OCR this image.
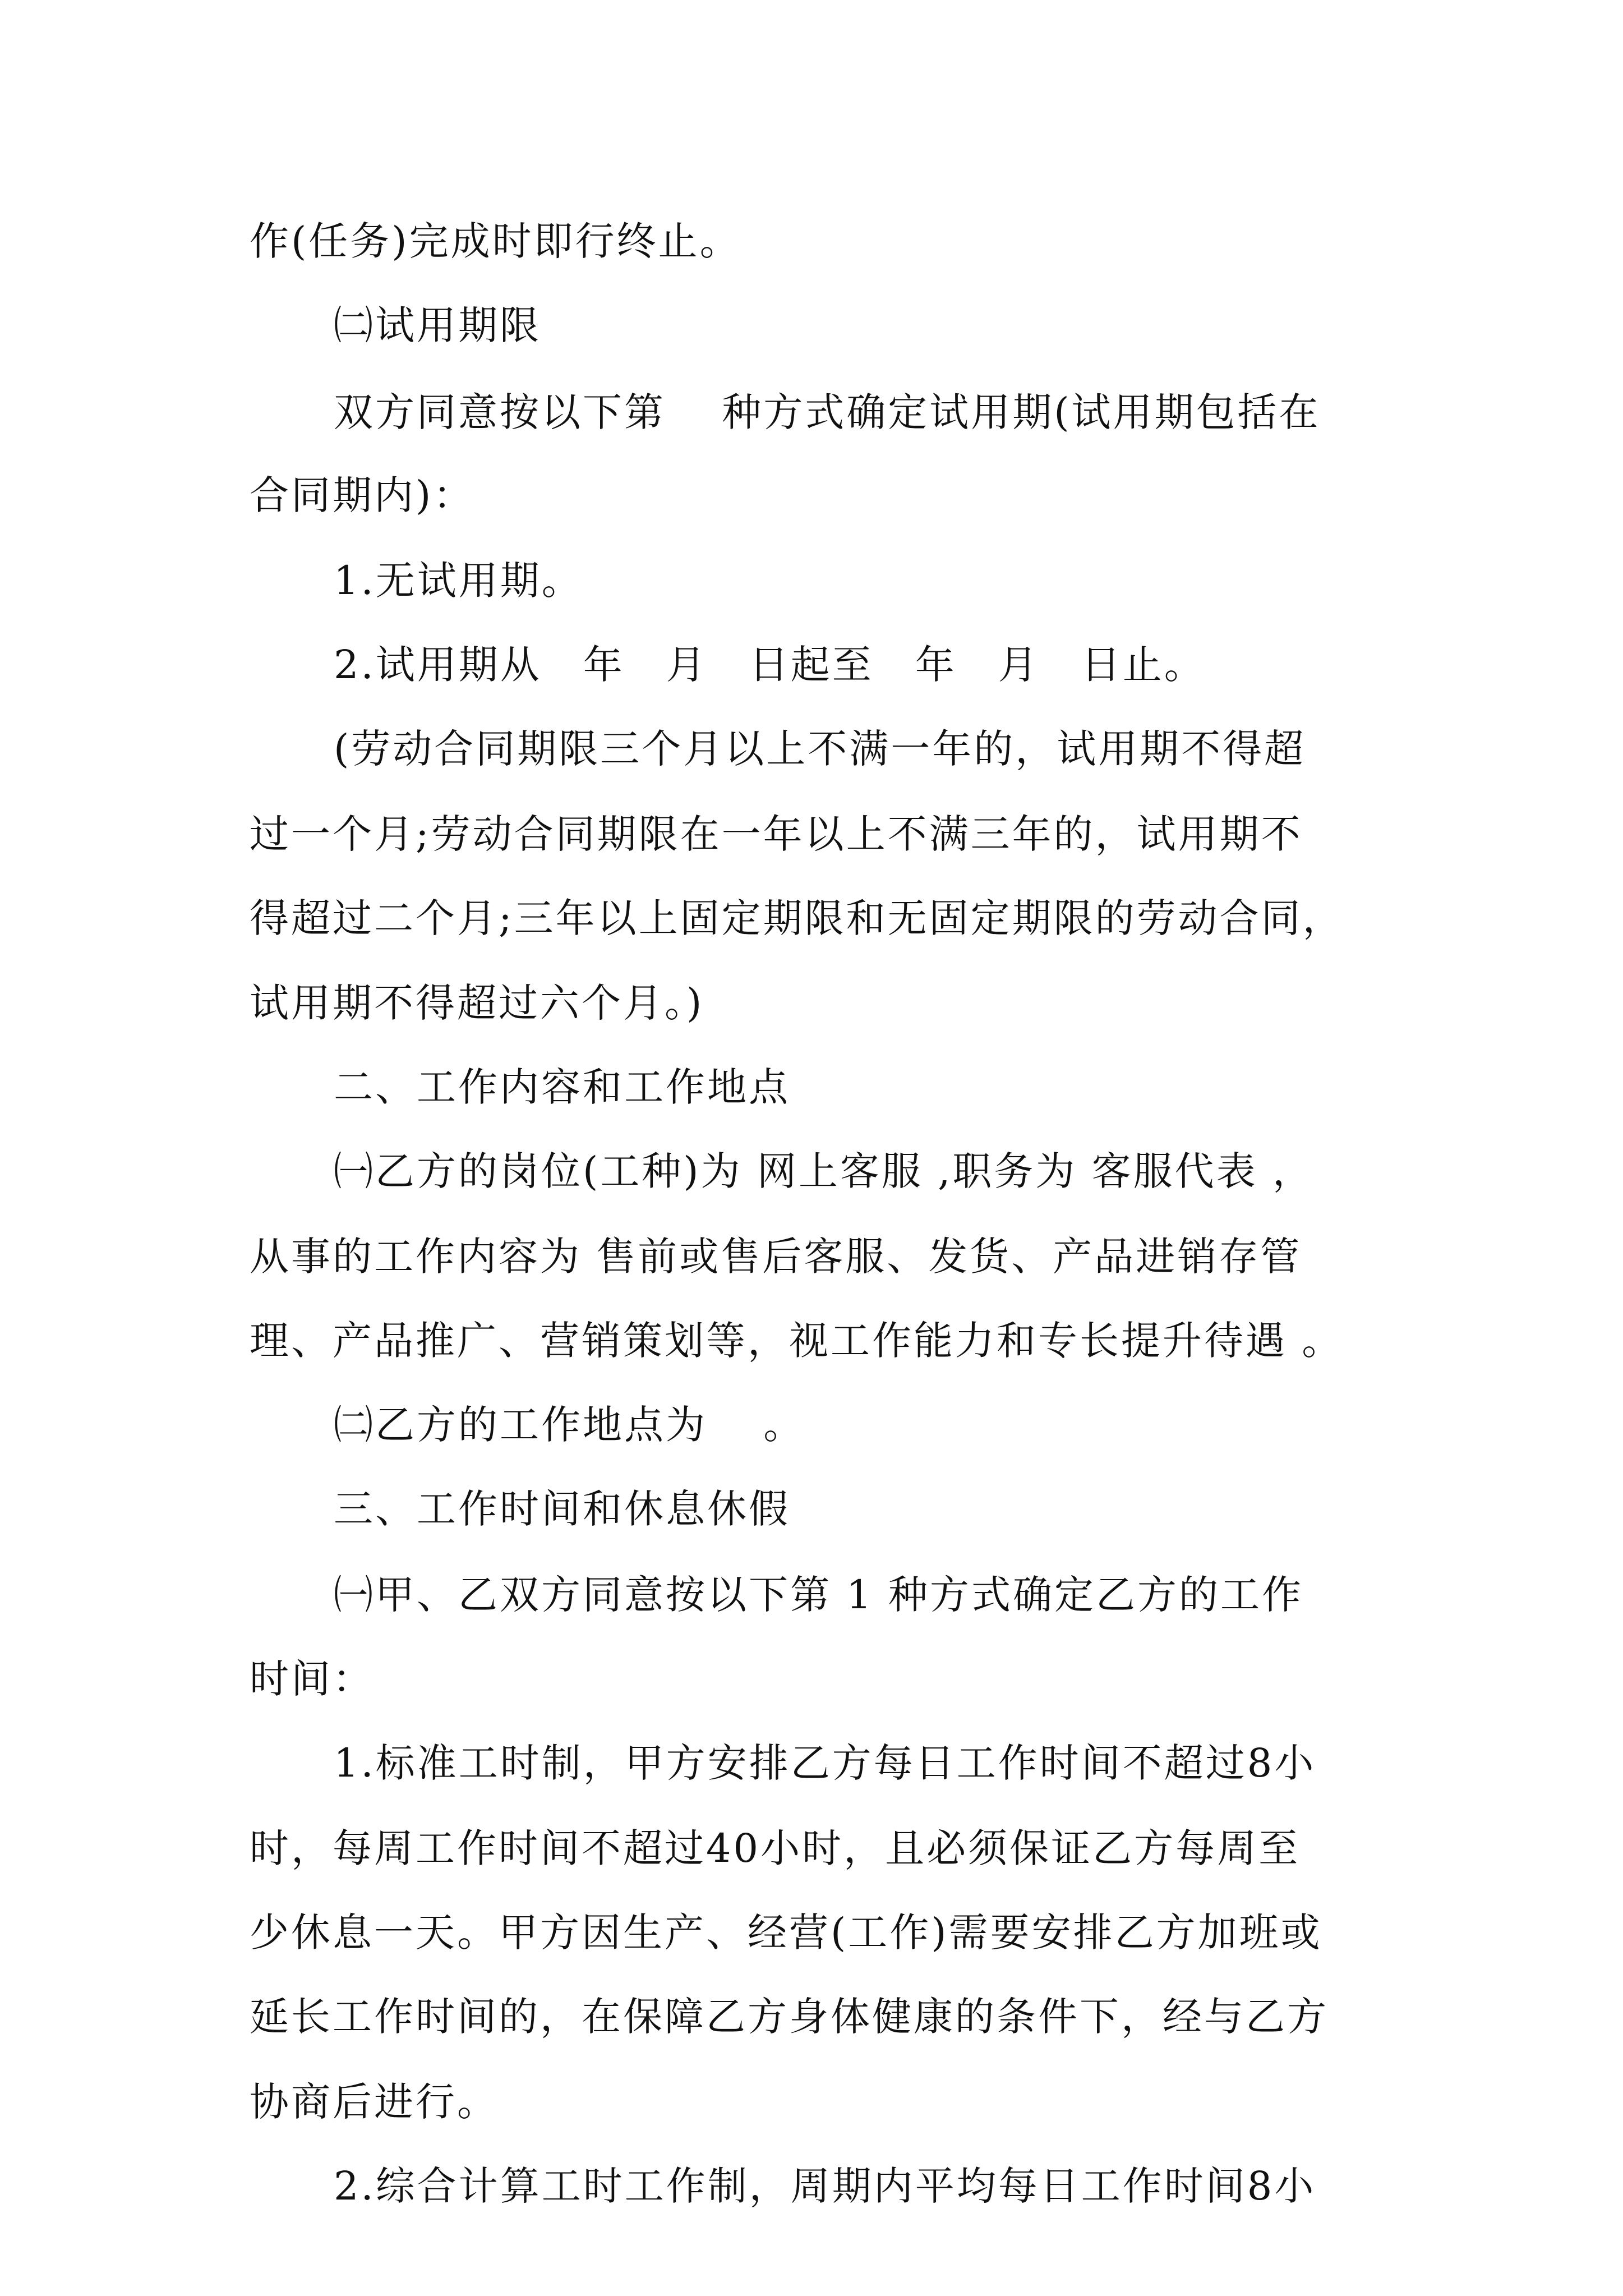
作(任务)完成时即行终止。
㈡试用期限
双方同意按以下第　 种方式确定试用期(试用期包括在
合同期内)：
1.无试用期。
2.试用期从　年　月　日起至　年　月　日止。
(劳动合同期限三个月以上不满一年的，试用期不得超
过一个月;劳动合同期限在一年以上不满三年的，试用期不
得超过二个月;三年以上固定期限和无固定期限的劳动合同，
试用期不得超过六个月。)
二、工作内容和工作地点
㈠乙方的岗位(工种)为 网上客服 ,职务为 客服代表 ，
从事的工作内容为 售前或售后客服、发货、产品进销存管
理、产品推广、营销策划等，视工作能力和专长提升待遇 。
㈡乙方的工作地点为　 。
三、工作时间和休息休假
㈠甲、乙双方同意按以下第 1 种方式确定乙方的工作
时间：
1.标准工时制，甲方安排乙方每日工作时间不超过8小
时，每周工作时间不超过40小时，且必须保证乙方每周至
少休息一天。甲方因生产、经营(工作)需要安排乙方加班或
延长工作时间的，在保障乙方身体健康的条件下，经与乙方
协商后进行。
2.综合计算工时工作制，周期内平均每日工作时间8小
